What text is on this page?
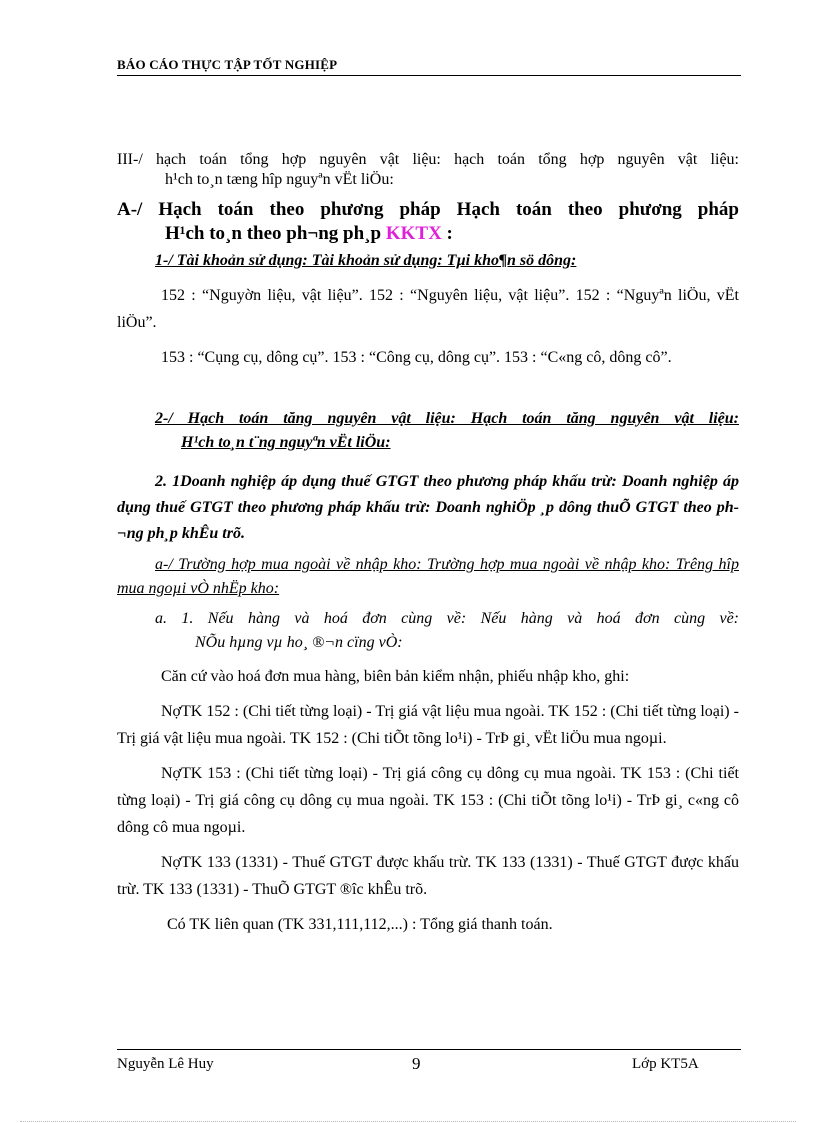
BÁO CÁO THỰC TẬP TỐT NGHIỆP

III-/ hạch toán tổng hợp nguyên vật liệu: hạch toán tổng hợp nguyên vật liệu:

h¹ch to¸n tæng hîp nguyªn vËt liÖu:

A-/ Hạch toán theo phương pháp Hạch toán theo phương pháp

H¹ch to¸n theo ph¬ng ph¸p KKTX :

1-/ Tài khoản sử dụng: Tài khoản sử dụng: Tµi kho¶n sö dông:

152 : “Nguyờn liệu, vật liệu”. 152 : “Nguyên liệu, vật liệu”. 152 : “Nguyªn liÖu, vËt liÖu”.

153 : “Cụng cụ, dông cụ”. 153 : “Công cụ, dông cụ”. 153 : “C«ng cô, dông cô”.

2-/ Hạch toán tăng nguyên vật liệu: Hạch toán tăng nguyên vật liệu:

H¹ch to¸n t¨ng nguyªn vËt liÖu:

2. 1Doanh nghiệp áp dụng thuế GTGT theo phương pháp khấu trừ: Doanh nghiệp áp dụng thuế GTGT theo phương pháp khấu trừ: Doanh nghiÖp ¸p dông thuÕ GTGT theo ph¬ng ph¸p khÊu trõ.

a-/ Trường hợp mua ngoài về nhập kho: Trường hợp mua ngoài về nhập kho: Trêng hîp mua ngoµi vÒ nhËp kho:

a. 1. Nếu hàng và hoá đơn cùng về: Nếu hàng và hoá đơn cùng về:

NÕu hµng vµ ho¸ ®¬n cïng vÒ:

Căn cứ vào hoá đơn mua hàng, biên bản kiểm nhận, phiếu nhập kho, ghi:

NợTK 152 : (Chi tiết từng loại) - Trị giá vật liệu mua ngoài. TK 152 : (Chi tiết từng loại) - Trị giá vật liệu mua ngoài. TK 152 : (Chi tiÕt tõng lo¹i) - TrÞ gi¸ vËt liÖu mua ngoµi.

NợTK 153 : (Chi tiết từng loại) - Trị giá công cụ dông cụ mua ngoài. TK 153 : (Chi tiết từng loại) - Trị giá công cụ dông cụ mua ngoài. TK 153 : (Chi tiÕt tõng lo¹i) - TrÞ gi¸ c«ng cô dông cô mua ngoµi.

NợTK 133 (1331) - Thuế GTGT được khấu trừ. TK 133 (1331) - Thuế GTGT được khấu trừ. TK 133 (1331) - ThuÕ GTGT ®îc khÊu trõ.

Có TK liên quan (TK 331,111,112,...) : Tổng giá thanh toán.

Nguyễn Lê Huy	9	Lớp KT5A
